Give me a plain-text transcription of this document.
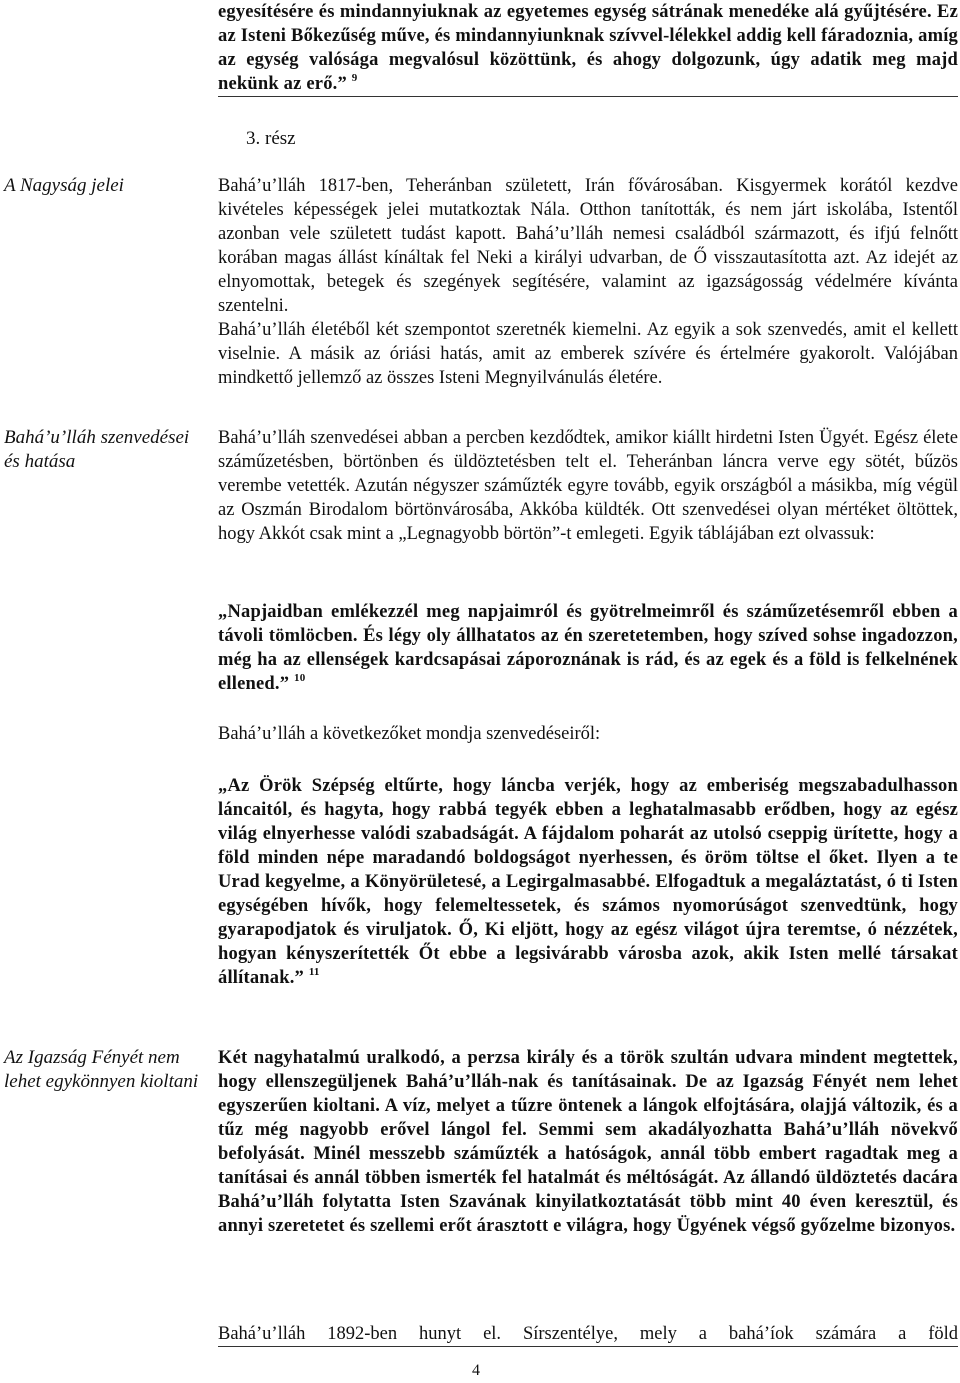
egyesítésére és mindannyiuknak az egyetemes egység sátrának menedéke alá gyűjtésére. Ez az Isteni Bőkezűség műve, és mindannyiunknak szívvel-lélekkel addig kell fáradoznia, amíg az egység valósága megvalósul közöttünk, és ahogy dolgozunk, úgy adatik meg majd nekünk az erő.” $^9$

3. rész
A Nagyság jelei
Bahá’u’lláh szenvedései és hatása
Az Igazság Fényét nem lehet egykönnyen kioltani

Bahá’u’lláh 1817-ben, Teheránban született, Irán fővárosában. Kisgyermek korától kezdve kivételes képességek jelei mutatkoztak Nála. Otthon tanították, és nem járt iskolába, Istentől azonban vele született tudást kapott. Bahá’u’lláh nemesi családból származott, és ifjú felnőtt korában magas állást kínáltak fel Neki a királyi udvarban, de Ő visszautasította azt. Az idejét az elnyomottak, betegek és szegények segítésére, valamint az igazságosság védelmére kívánta szentelni.

Bahá’u’lláh életéből két szempontot szeretnék kiemelni. Az egyik a sok szenvedés, amit el kellett viselnie. A másik az óriási hatás, amit az emberek szívére és értelmére gyakorolt. Valójában mindkettő jellemző az összes Isteni Megnyilvánulás életére.

Bahá’u’lláh szenvedései abban a percben kezdődtek, amikor kiállt hirdetni Isten Ügyét. Egész élete száműzetésben, börtönben és üldöztetésben telt el. Teheránban láncra verve egy sötét, bűzös verembe vetették. Azután négyszer száműzték egyre tovább, egyik országból a másikba, míg végül az Oszmán Birodalom börtönvárosába, Akkóba küldték. Ott szenvedései olyan mértéket öltöttek, hogy Akkót csak mint a „Legnagyobb börtön”-t emlegeti. Egyik táblájában ezt olvassuk:

„Napjaidban emlékezzél meg napjaimról és gyötrelmeimről és száműzetésemről ebben a távoli tömlöcben. És légy oly állhatatos az én szeretetemben, hogy szíved sohse ingadozzon, még ha az ellenségek kardcsapásai záporoznának is rád, és az egek és a föld is felkelnének ellened.” $^{10}$

Bahá’u’lláh a következőket mondja szenvedéseiről:

„Az Örök Szépség eltűrte, hogy láncba verjék, hogy az emberiség megszabadulhasson láncaitól, és hagyta, hogy rabbá tegyék ebben a leghatalmasabb erődben, hogy az egész világ elnyerhesse valódi szabadságát. A fájdalom poharát az utolsó cseppig ürítette, hogy a föld minden népe maradandó boldogságot nyerhessen, és öröm töltse el őket. Ilyen a te Urad kegyelme, a Könyörületesé, a Legirgalmasabbé. Elfogadtuk a megaláztatást, ó ti Isten egységében hívők, hogy felemeltessetek, és számos nyomorúságot szenvedtünk, hogy gyarapodjatok és viruljatok. Ő, Ki eljött, hogy az egész világot újra teremtse, ó nézzétek, hogyan kényszerítették Őt ebbe a legsivárabb városba azok, akik Isten mellé társakat állítanak.” $^{11}$

Két nagyhatalmú uralkodó, a perzsa király és a török szultán udvara mindent megtettek, hogy ellenszegüljenek Bahá’u’lláh-nak és tanításainak. De az Igazság Fényét nem lehet egyszerűen kioltani. A víz, melyet a tűzre öntenek a lángok elfojtására, olajjá változik, és a tűz még nagyobb erővel lángol fel. Semmi sem akadályozhatta Bahá’u’lláh növekvő befolyását. Minél messzebb száműzték a hatóságok, annál több embert ragadtak meg a tanításai és annál többen ismerték fel hatalmát és méltóságát. Az állandó üldöztetés dacára Bahá’u’lláh folytatta Isten Szavának kinyilatkoztatását több mint 40 éven keresztül, és annyi szeretetet és szellemi erőt árasztott e világra, hogy Ügyének végső győzelme bizonyos.

Bahá’u’lláh 1892-ben hunyt el. Sírszentélye, mely a bahá’íok számára a föld

4
